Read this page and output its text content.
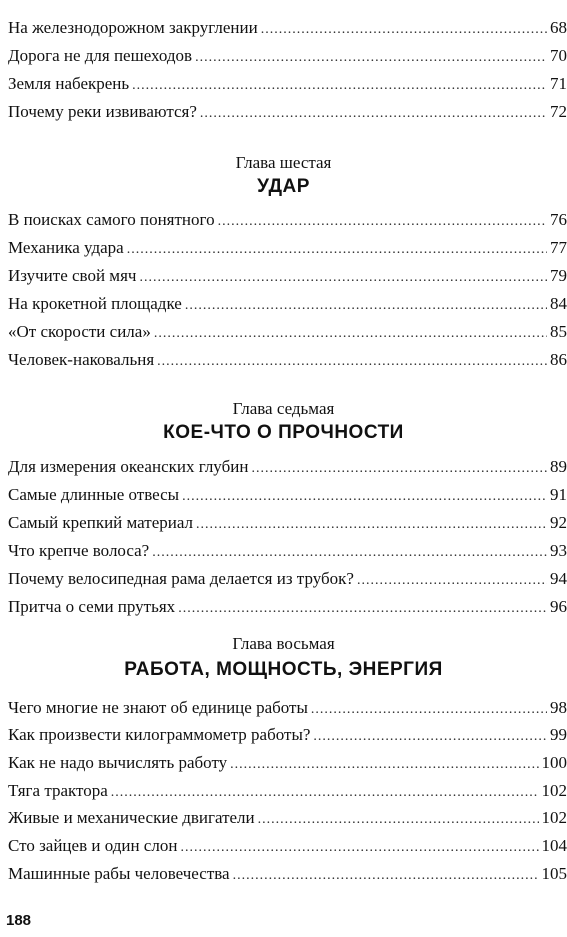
На железнодорожном закруглении .....	68
Дорога не для пешеходов .....	70
Земля набекрень .....	71
Почему реки извиваются? .....	72
Глава шестая
УДАР
В поисках самого понятного .....	76
Механика удара .....	77
Изучите свой мяч .....	79
На крокетной площадке .....	84
«От скорости сила» .....	85
Человек-наковальня .....	86
Глава седьмая
КОЕ-ЧТО О ПРОЧНОСТИ
Для измерения океанских глубин .....	89
Самые длинные отвесы .....	91
Самый крепкий материал .....	92
Что крепче волоса? .....	93
Почему велосипедная рама делается из трубок? .....	94
Притча о семи прутьях .....	96
Глава восьмая
РАБОТА, МОЩНОСТЬ, ЭНЕРГИЯ
Чего многие не знают об единице работы .....	98
Как произвести килограммометр работы? .....	99
Как не надо вычислять работу .....	100
Тяга трактора .....	102
Живые и механические двигатели .....	102
Сто зайцев и один слон .....	104
Машинные рабы человечества .....	105
188
